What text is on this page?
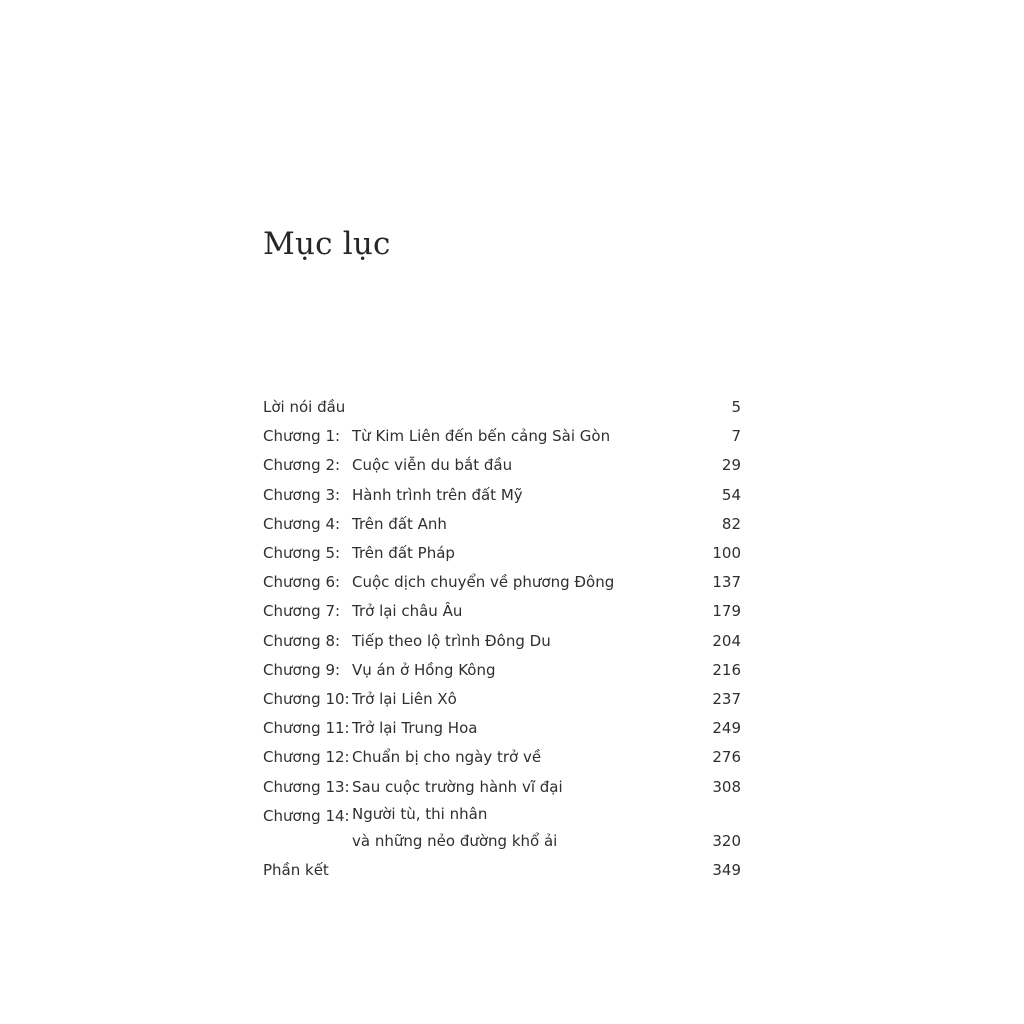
Mục lục
Lời nói đầu	5
Chương 1: Từ Kim Liên đến bến cảng Sài Gòn	7
Chương 2: Cuộc viễn du bắt đầu	29
Chương 3: Hành trình trên đất Mỹ	54
Chương 4: Trên đất Anh	82
Chương 5: Trên đất Pháp	100
Chương 6: Cuộc dịch chuyển về phương Đông	137
Chương 7: Trở lại châu Âu	179
Chương 8: Tiếp theo lộ trình Đông Du	204
Chương 9: Vụ án ở Hồng Kông	216
Chương 10: Trở lại Liên Xô	237
Chương 11: Trở lại Trung Hoa	249
Chương 12: Chuẩn bị cho ngày trở về	276
Chương 13: Sau cuộc trường hành vĩ đại	308
Chương 14: Người tù, thi nhân
và những nẻo đường khổ ải	320
Phần kết	349
